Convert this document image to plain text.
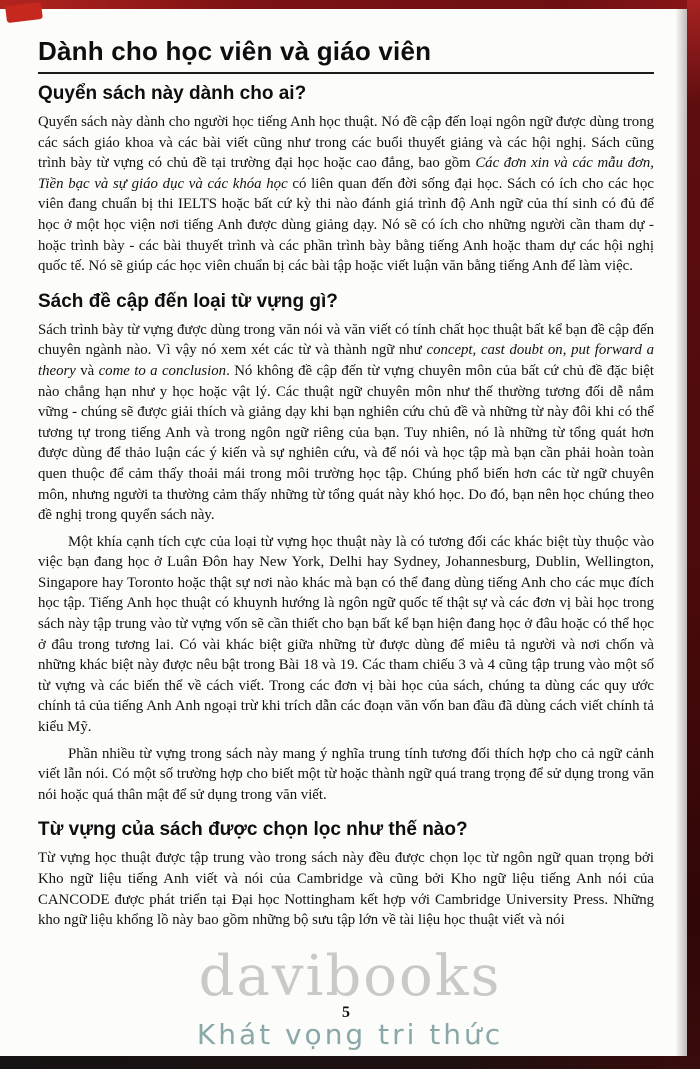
Dành cho học viên và giáo viên
Quyển sách này dành cho ai?

Quyển sách này dành cho người học tiếng Anh học thuật. Nó đề cập đến loại ngôn ngữ được dùng trong các sách giáo khoa và các bài viết cũng như trong các buổi thuyết giảng và các hội nghị. Sách cũng trình bày từ vựng có chủ đề tại trường đại học hoặc cao đẳng, bao gồm Các đơn xin và các mẫu đơn, Tiền bạc và sự giáo dục và các khóa học có liên quan đến đời sống đại học. Sách có ích cho các học viên đang chuẩn bị thi IELTS hoặc bất cứ kỳ thi nào đánh giá trình độ Anh ngữ của thí sinh có đủ để học ở một học viện nơi tiếng Anh được dùng giảng dạy. Nó sẽ có ích cho những người cần tham dự - hoặc trình bày - các bài thuyết trình và các phần trình bày bằng tiếng Anh hoặc tham dự các hội nghị quốc tế. Nó sẽ giúp các học viên chuẩn bị các bài tập hoặc viết luận văn bằng tiếng Anh để làm việc.

Sách đề cập đến loại từ vựng gì?

Sách trình bày từ vựng được dùng trong văn nói và văn viết có tính chất học thuật bất kể bạn đề cập đến chuyên ngành nào. Vì vậy nó xem xét các từ và thành ngữ như concept, cast doubt on, put forward a theory và come to a conclusion. Nó không đề cập đến từ vựng chuyên môn của bất cứ chủ đề đặc biệt nào chẳng hạn như y học hoặc vật lý. Các thuật ngữ chuyên môn như thế thường tương đối dễ nắm vững - chúng sẽ được giải thích và giảng dạy khi bạn nghiên cứu chủ đề và những từ này đôi khi có thể tương tự trong tiếng Anh và trong ngôn ngữ riêng của bạn. Tuy nhiên, nó là những từ tổng quát hơn được dùng để thảo luận các ý kiến và sự nghiên cứu, và để nói và học tập mà bạn cần phải hoàn toàn quen thuộc để cảm thấy thoải mái trong môi trường học tập. Chúng phổ biến hơn các từ ngữ chuyên môn, nhưng người ta thường cảm thấy những từ tổng quát này khó học. Do đó, bạn nên học chúng theo đề nghị trong quyển sách này.

Một khía cạnh tích cực của loại từ vựng học thuật này là có tương đối các khác biệt tùy thuộc vào việc bạn đang học ở Luân Đôn hay New York, Delhi hay Sydney, Johannesburg, Dublin, Wellington, Singapore hay Toronto hoặc thật sự nơi nào khác mà bạn có thể đang dùng tiếng Anh cho các mục đích học tập. Tiếng Anh học thuật có khuynh hướng là ngôn ngữ quốc tế thật sự và các đơn vị bài học trong sách này tập trung vào từ vựng vốn sẽ cần thiết cho bạn bất kể bạn hiện đang học ở đâu hoặc có thể học ở đâu trong tương lai. Có vài khác biệt giữa những từ được dùng để miêu tả người và nơi chốn và những khác biệt này được nêu bật trong Bài 18 và 19. Các tham chiếu 3 và 4 cũng tập trung vào một số từ vựng và các biến thể về cách viết. Trong các đơn vị bài học của sách, chúng ta dùng các quy ước chính tả của tiếng Anh Anh ngoại trừ khi trích dẫn các đoạn văn vốn ban đầu đã dùng cách viết chính tả kiểu Mỹ.

Phần nhiều từ vựng trong sách này mang ý nghĩa trung tính tương đối thích hợp cho cả ngữ cảnh viết lẫn nói. Có một số trường hợp cho biết một từ hoặc thành ngữ quá trang trọng để sử dụng trong văn nói hoặc quá thân mật để sử dụng trong văn viết.

Từ vựng của sách được chọn lọc như thế nào?

Từ vựng học thuật được tập trung vào trong sách này đều được chọn lọc từ ngôn ngữ quan trọng bởi Kho ngữ liệu tiếng Anh viết và nói của Cambridge và cũng bởi Kho ngữ liệu tiếng Anh nói của CANCODE được phát triển tại Đại học Nottingham kết hợp với Cambridge University Press. Những kho ngữ liệu khổng lồ này bao gồm những bộ sưu tập lớn về tài liệu học thuật viết và nói

davibooks
5
Khát vọng tri thức
